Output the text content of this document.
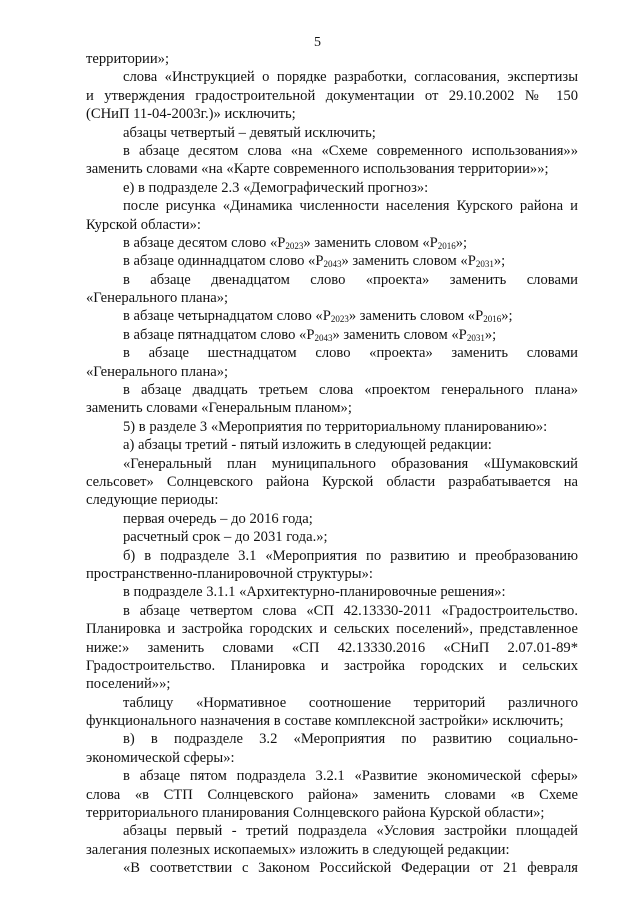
5
территории»;
слова «Инструкцией о порядке разработки, согласования, экспертизы
и утверждения градостроительной документации от 29.10.2002 № 150
(СНиП 11-04-2003г.)» исключить;
абзацы четвертый – девятый исключить;
в абзаце десятом слова «на «Схеме современного использования»»
заменить словами «на «Карте современного использования территории»»;
е) в подразделе 2.3 «Демографический прогноз»:
после рисунка «Динамика численности населения Курского района и
Курской области»:
в абзаце десятом слово «$Р_{2023}$» заменить словом «$Р_{2016}$»;
в абзаце одиннадцатом слово «$Р_{2043}$» заменить словом «$Р_{2031}$»;
в абзаце двенадцатом слово «проекта» заменить словами
«Генерального плана»;
в абзаце четырнадцатом слово «$Р_{2023}$» заменить словом «$Р_{2016}$»;
в абзаце пятнадцатом слово «$Р_{2043}$» заменить словом «$Р_{2031}$»;
в абзаце шестнадцатом слово «проекта» заменить словами
«Генерального плана»;
в абзаце двадцать третьем слова «проектом генерального плана»
заменить словами «Генеральным планом»;
5) в разделе 3 «Мероприятия по территориальному планированию»:
а) абзацы третий - пятый изложить в следующей редакции:
«Генеральный план муниципального образования «Шумаковский
сельсовет» Солнцевского района Курской области разрабатывается на
следующие периоды:
первая очередь – до 2016 года;
расчетный срок – до 2031 года.»;
б) в подразделе 3.1 «Мероприятия по развитию и преобразованию
пространственно-планировочной структуры»:
в подразделе 3.1.1 «Архитектурно-планировочные решения»:
в абзаце четвертом слова «СП 42.13330-2011 «Градостроительство.
Планировка и застройка городских и сельских поселений», представленное
ниже:» заменить словами «СП 42.13330.2016 «СНиП 2.07.01-89*
Градостроительство. Планировка и застройка городских и сельских
поселений»»;
таблицу «Нормативное соотношение территорий различного
функционального назначения в составе комплексной застройки» исключить;
в) в подразделе 3.2 «Мероприятия по развитию социально-
экономической сферы»:
в абзаце пятом подраздела 3.2.1 «Развитие экономической сферы»
слова «в СТП Солнцевского района» заменить словами «в Схеме
территориального планирования Солнцевского района Курской области»;
абзацы первый - третий подраздела «Условия застройки площадей
залегания полезных ископаемых» изложить в следующей редакции:
«В соответствии с Законом Российской Федерации от 21 февраля
